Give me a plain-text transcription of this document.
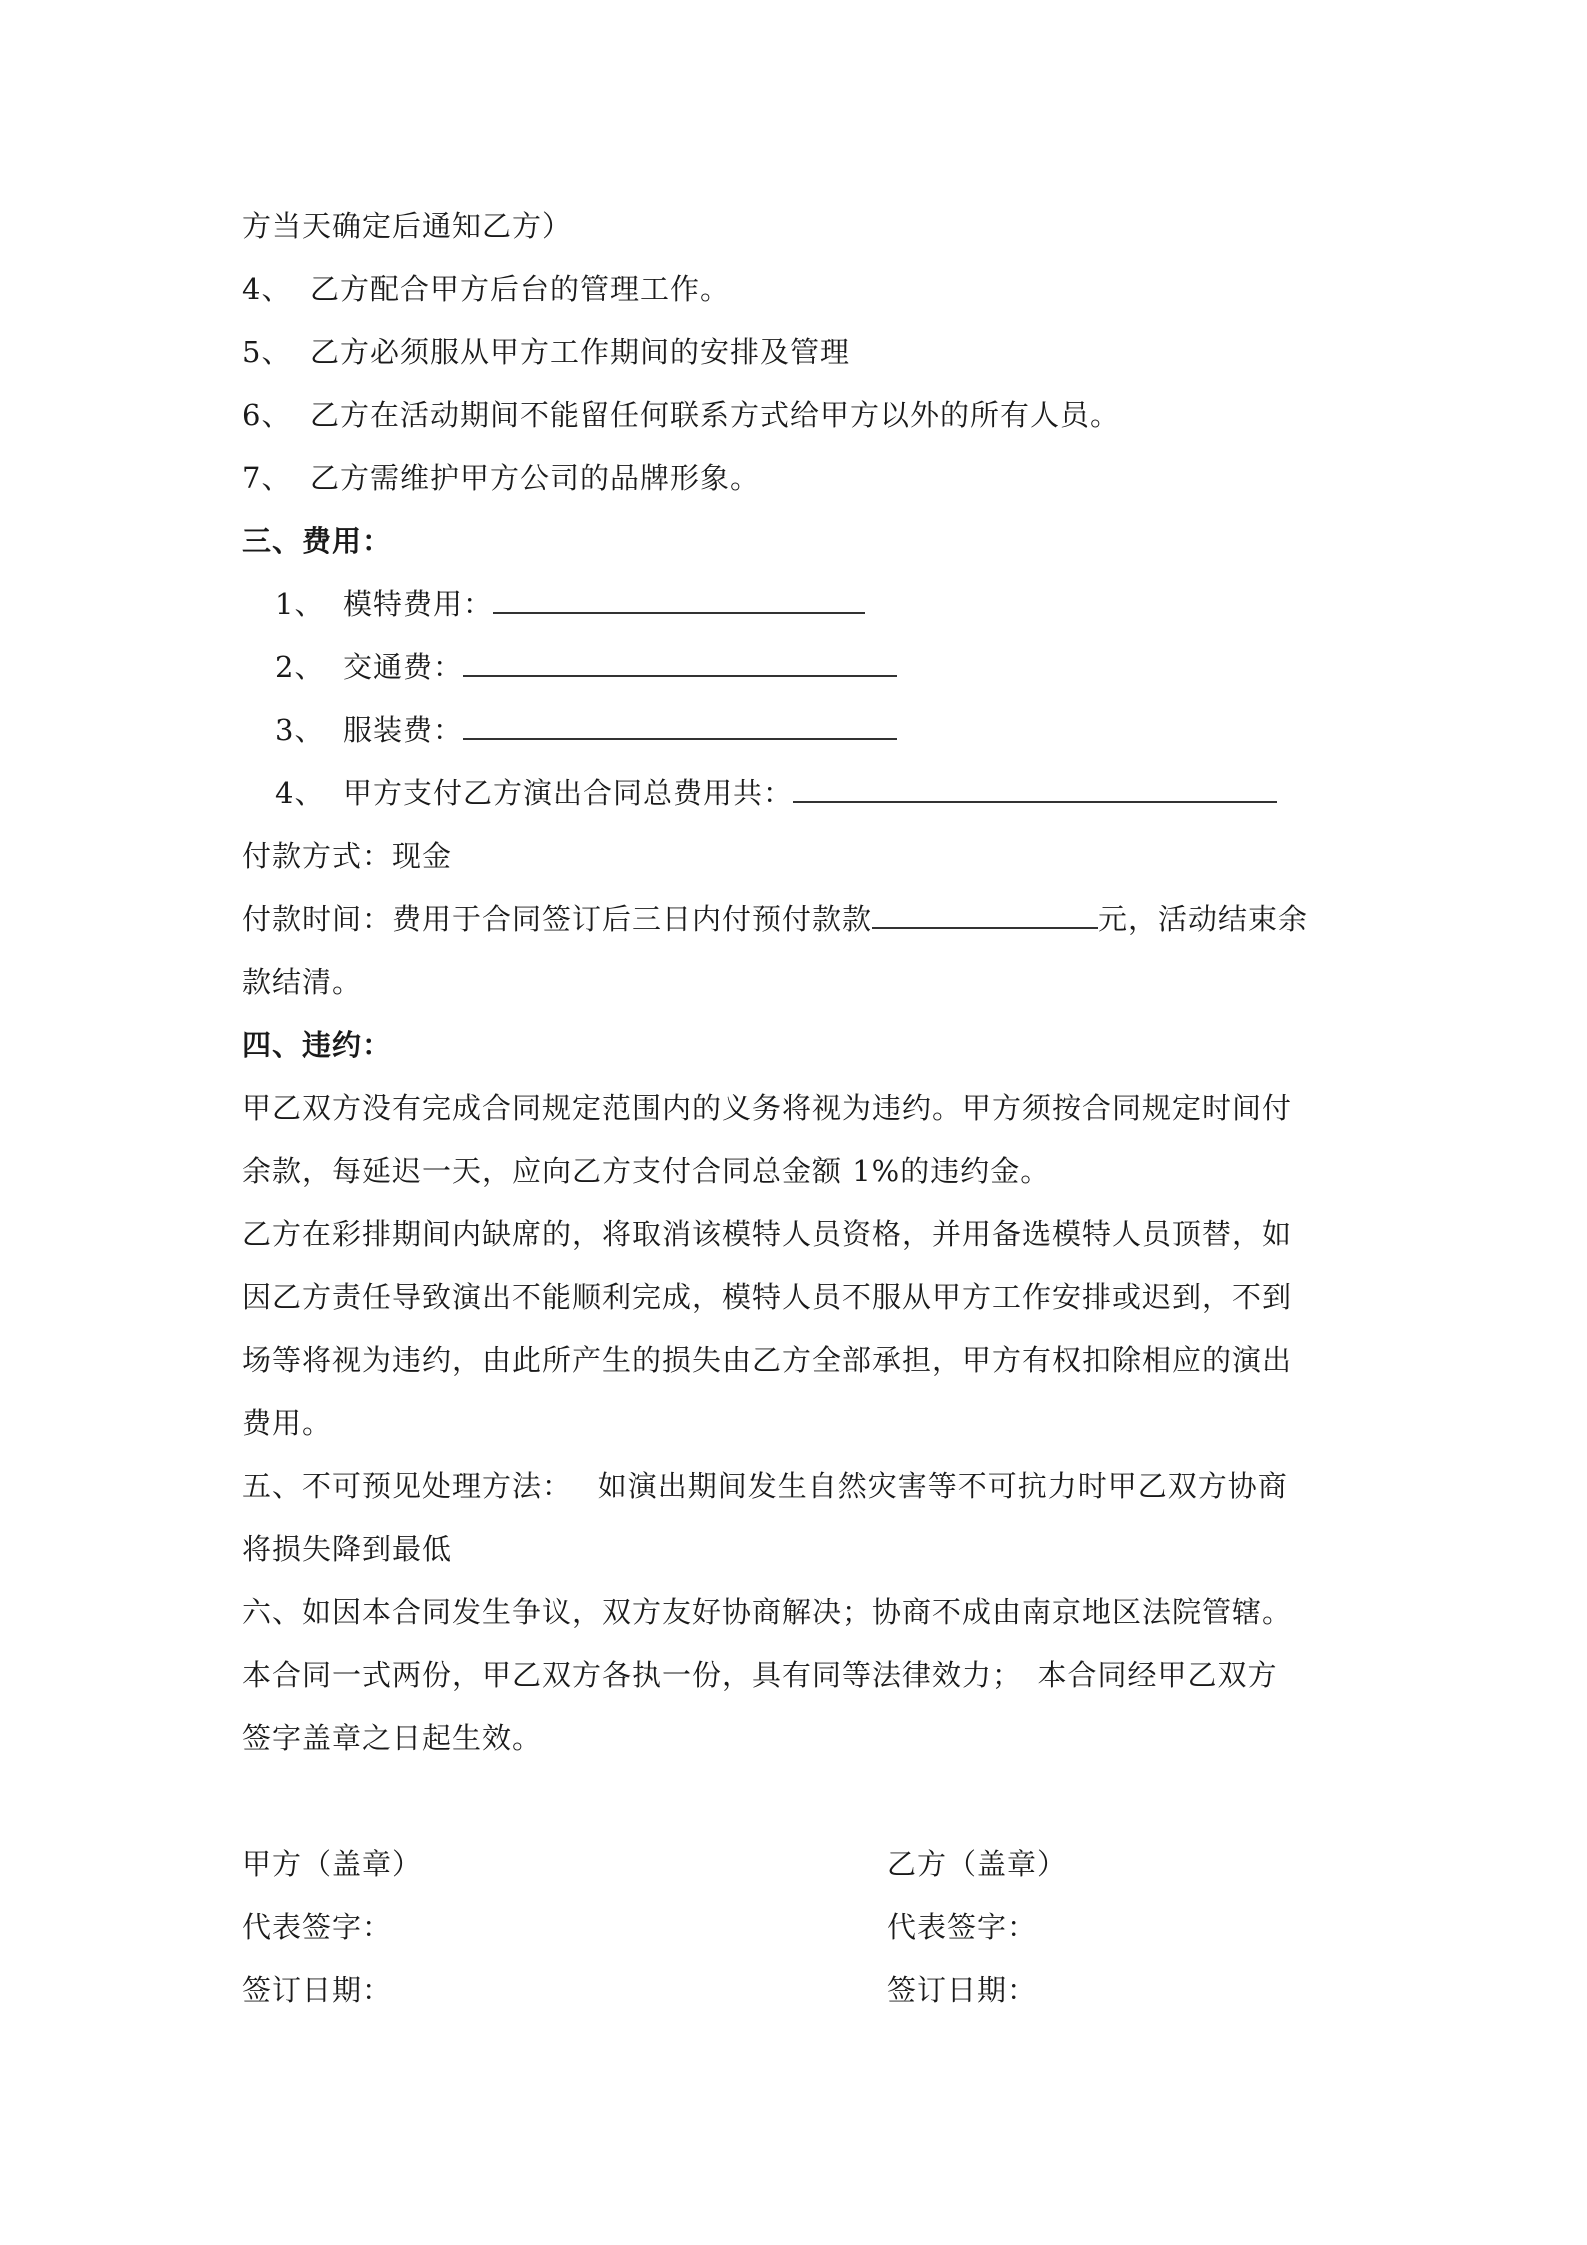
方当天确定后通知乙方）
4、 乙方配合甲方后台的管理工作。
5、 乙方必须服从甲方工作期间的安排及管理
6、 乙方在活动期间不能留任何联系方式给甲方以外的所有人员。
7、 乙方需维护甲方公司的品牌形象。
三、费用：
1、 模特费用：
2、 交通费：
3、 服装费：
4、 甲方支付乙方演出合同总费用共：
付款方式：现金
付款时间：费用于合同签订后三日内付预付款款	元，活动结束余
款结清。
四、违约：
甲乙双方没有完成合同规定范围内的义务将视为违约。甲方须按合同规定时间付
余款，每延迟一天，应向乙方支付合同总金额 1%的违约金。
乙方在彩排期间内缺席的，将取消该模特人员资格，并用备选模特人员顶替，如
因乙方责任导致演出不能顺利完成，模特人员不服从甲方工作安排或迟到，不到
场等将视为违约，由此所产生的损失由乙方全部承担，甲方有权扣除相应的演出
费用。
五、不可预见处理方法：　 如演出期间发生自然灾害等不可抗力时甲乙双方协商
将损失降到最低
六、如因本合同发生争议，双方友好协商解决；协商不成由南京地区法院管辖。
本合同一式两份，甲乙双方各执一份，具有同等法律效力；　本合同经甲乙双方
签字盖章之日起生效。
甲方（盖章）
代表签字：
签订日期：
乙方（盖章）
代表签字：
签订日期：
